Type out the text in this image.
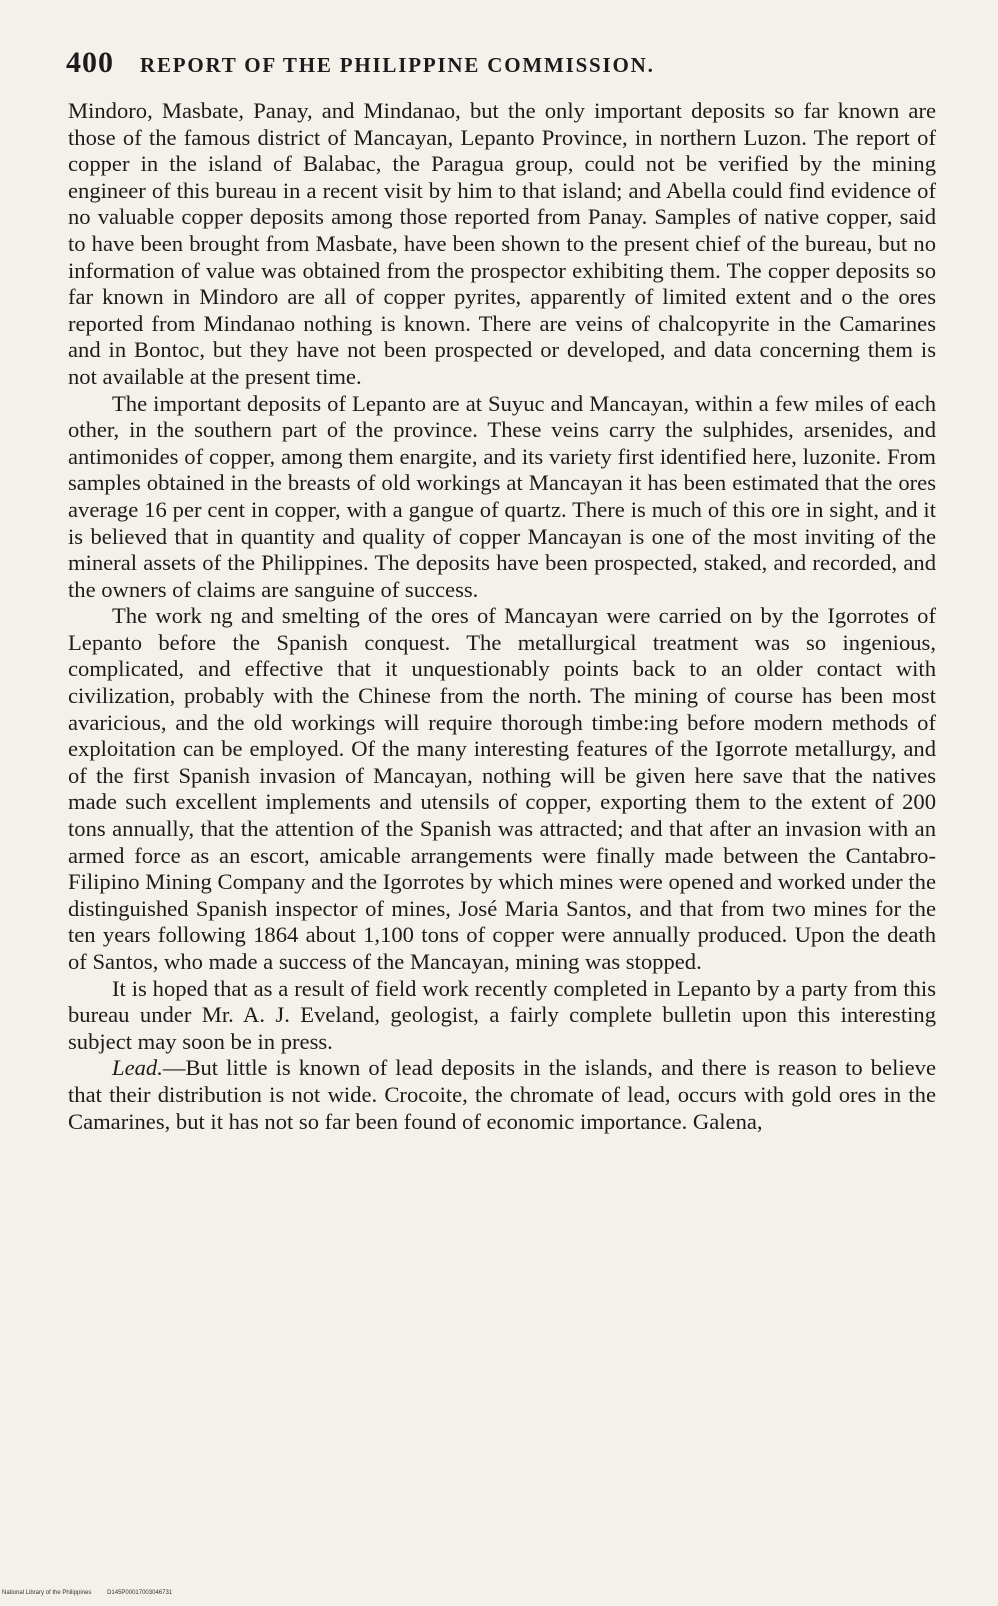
400 REPORT OF THE PHILIPPINE COMMISSION.

Mindoro, Masbate, Panay, and Mindanao, but the only important deposits so far known are those of the famous district of Mancayan, Lepanto Province, in northern Luzon. The report of copper in the island of Balabac, the Paragua group, could not be verified by the mining engineer of this bureau in a recent visit by him to that island; and Abella could find evidence of no valuable copper deposits among those reported from Panay. Samples of native copper, said to have been brought from Masbate, have been shown to the present chief of the bureau, but no information of value was obtained from the prospector exhibiting them. The copper deposits so far known in Mindoro are all of copper pyrites, apparently of limited extent and o the ores reported from Mindanao nothing is known. There are veins of chalcopyrite in the Camarines and in Bontoc, but they have not been prospected or developed, and data concerning them is not available at the present time.

The important deposits of Lepanto are at Suyuc and Mancayan, within a few miles of each other, in the southern part of the province. These veins carry the sulphides, arsenides, and antimonides of copper, among them enargite, and its variety first identified here, luzonite. From samples obtained in the breasts of old workings at Mancayan it has been estimated that the ores average 16 per cent in copper, with a gangue of quartz. There is much of this ore in sight, and it is believed that in quantity and quality of copper Mancayan is one of the most inviting of the mineral assets of the Philippines. The deposits have been prospected, staked, and recorded, and the owners of claims are sanguine of success.

The work ng and smelting of the ores of Mancayan were carried on by the Igorrotes of Lepanto before the Spanish conquest. The metallurgical treatment was so ingenious, complicated, and effective that it unquestionably points back to an older contact with civilization, probably with the Chinese from the north. The mining of course has been most avaricious, and the old workings will require thorough timbe:ing before modern methods of exploitation can be employed. Of the many interesting features of the Igorrote metallurgy, and of the first Spanish invasion of Mancayan, nothing will be given here save that the natives made such excellent implements and utensils of copper, exporting them to the extent of 200 tons annually, that the attention of the Spanish was attracted; and that after an invasion with an armed force as an escort, amicable arrangements were finally made between the Cantabro-Filipino Mining Company and the Igorrotes by which mines were opened and worked under the distinguished Spanish inspector of mines, José Maria Santos, and that from two mines for the ten years following 1864 about 1,100 tons of copper were annually produced. Upon the death of Santos, who made a success of the Mancayan, mining was stopped.

It is hoped that as a result of field work recently completed in Lepanto by a party from this bureau under Mr. A. J. Eveland, geologist, a fairly complete bulletin upon this interesting subject may soon be in press.

Lead.—But little is known of lead deposits in the islands, and there is reason to believe that their distribution is not wide. Crocoite, the chromate of lead, occurs with gold ores in the Camarines, but it has not so far been found of economic importance. Galena,

National Library of the Philippines	D145P00017003046731
